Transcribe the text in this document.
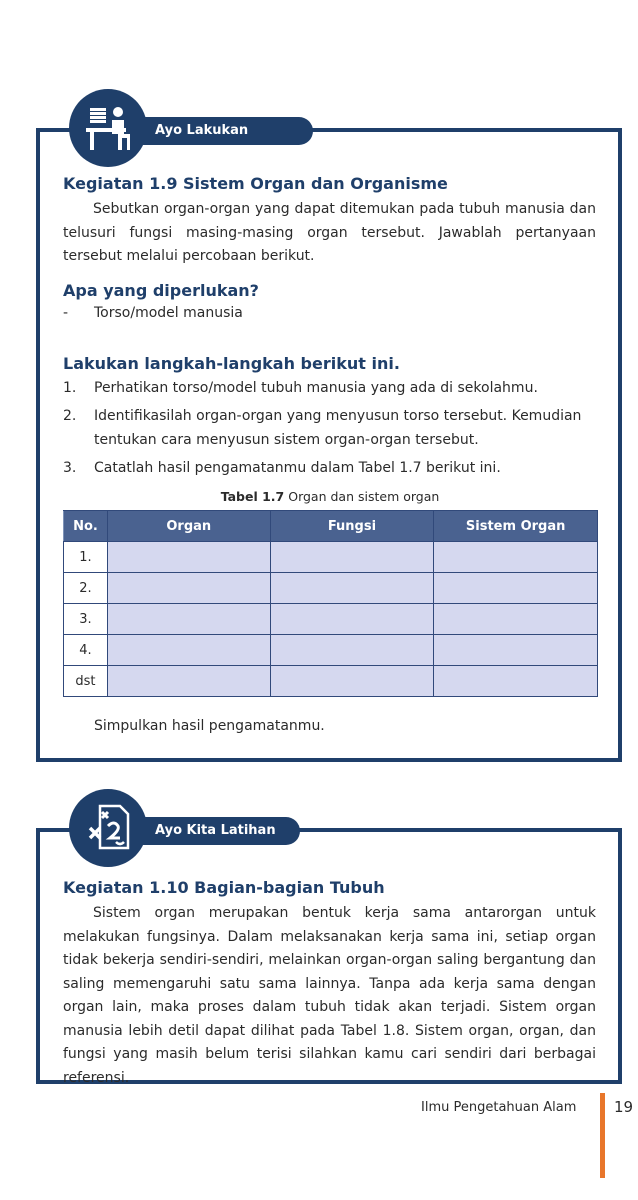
Ayo Lakukan
Kegiatan 1.9 Sistem Organ dan Organisme

Sebutkan organ-organ yang dapat ditemukan pada tubuh manusia dan telusuri fungsi masing-masing organ tersebut. Jawablah pertanyaan tersebut melalui percobaan berikut.

Apa yang diperlukan?
-	Torso/model manusia
Lakukan langkah-langkah berikut ini.
1.	Perhatikan torso/model tubuh manusia yang ada di sekolahmu.
2.	Identifikasilah organ-organ yang menyusun torso tersebut. Kemudian tentukan cara menyusun sistem organ-organ tersebut.
3.	Catatlah hasil pengamatanmu dalam Tabel 1.7 berikut ini.
Tabel 1.7 Organ dan sistem organ
No.	Organ	Fungsi	Sistem Organ
1.			
2.			
3.			
4.			
dst			
Simpulkan hasil pengamatanmu.
Ayo Kita Latihan
Kegiatan 1.10 Bagian-bagian Tubuh

Sistem organ merupakan bentuk kerja sama antarorgan untuk melakukan fungsinya. Dalam melaksanakan kerja sama ini, setiap organ tidak bekerja sendiri-sendiri, melainkan organ-organ saling bergantung dan saling memengaruhi satu sama lainnya. Tanpa ada kerja sama dengan organ lain, maka proses dalam tubuh tidak akan terjadi. Sistem organ manusia lebih detil dapat dilihat pada Tabel 1.8. Sistem organ, organ, dan fungsi yang masih belum terisi silahkan kamu cari sendiri dari berbagai referensi.

Ilmu Pengetahuan Alam	19
